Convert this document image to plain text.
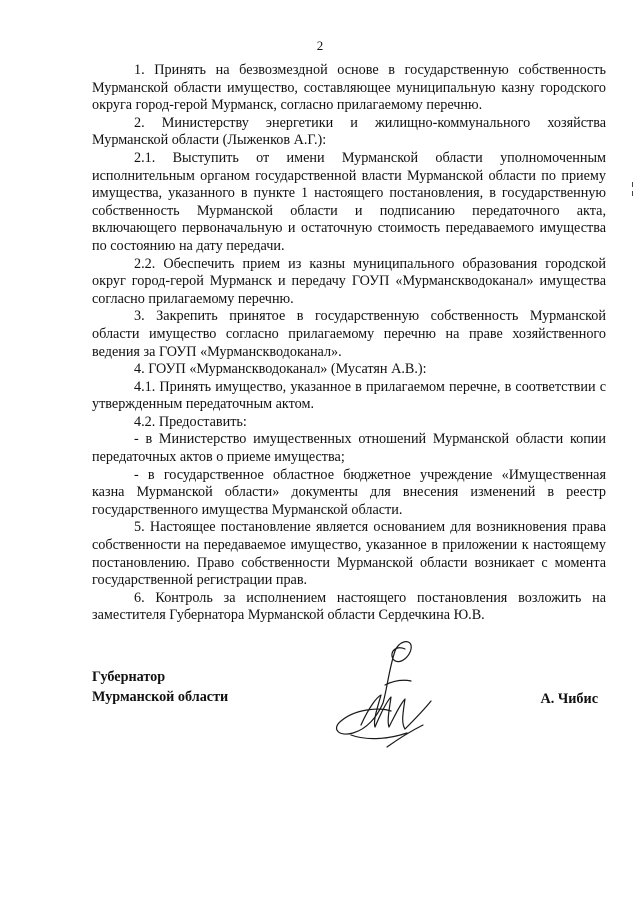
2

1. Принять на безвозмездной основе в государственную собственность Мурманской области имущество, составляющее муниципальную казну городского округа город-герой Мурманск, согласно прилагаемому перечню.

2. Министерству энергетики и жилищно-коммунального хозяйства Мурманской области (Лыженков А.Г.):

2.1. Выступить от имени Мурманской области уполномоченным исполнительным органом государственной власти Мурманской области по приему имущества, указанного в пункте 1 настоящего постановления, в государственную собственность Мурманской области и подписанию передаточного акта, включающего первоначальную и остаточную стоимость передаваемого имущества по состоянию на дату передачи.

2.2. Обеспечить прием из казны муниципального образования городской округ город-герой Мурманск и передачу ГОУП «Мурманскводоканал» имущества согласно прилагаемому перечню.

3. Закрепить принятое в государственную собственность Мурманской области имущество согласно прилагаемому перечню на праве хозяйственного ведения за ГОУП «Мурманскводоканал».

4. ГОУП «Мурманскводоканал» (Мусатян А.В.):

4.1. Принять имущество, указанное в прилагаемом перечне, в соответствии с утвержденным передаточным актом.

4.2. Предоставить:

- в Министерство имущественных отношений Мурманской области копии передаточных актов о приеме имущества;

- в государственное областное бюджетное учреждение «Имущественная казна Мурманской области» документы для внесения изменений в реестр государственного имущества Мурманской области.

5. Настоящее постановление является основанием для возникновения права собственности на передаваемое имущество, указанное в приложении к настоящему постановлению. Право собственности Мурманской области возникает с момента государственной регистрации прав.

6. Контроль за исполнением настоящего постановления возложить на заместителя Губернатора Мурманской области Сердечкина Ю.В.

Губернатор
Мурманской области	А. Чибис
